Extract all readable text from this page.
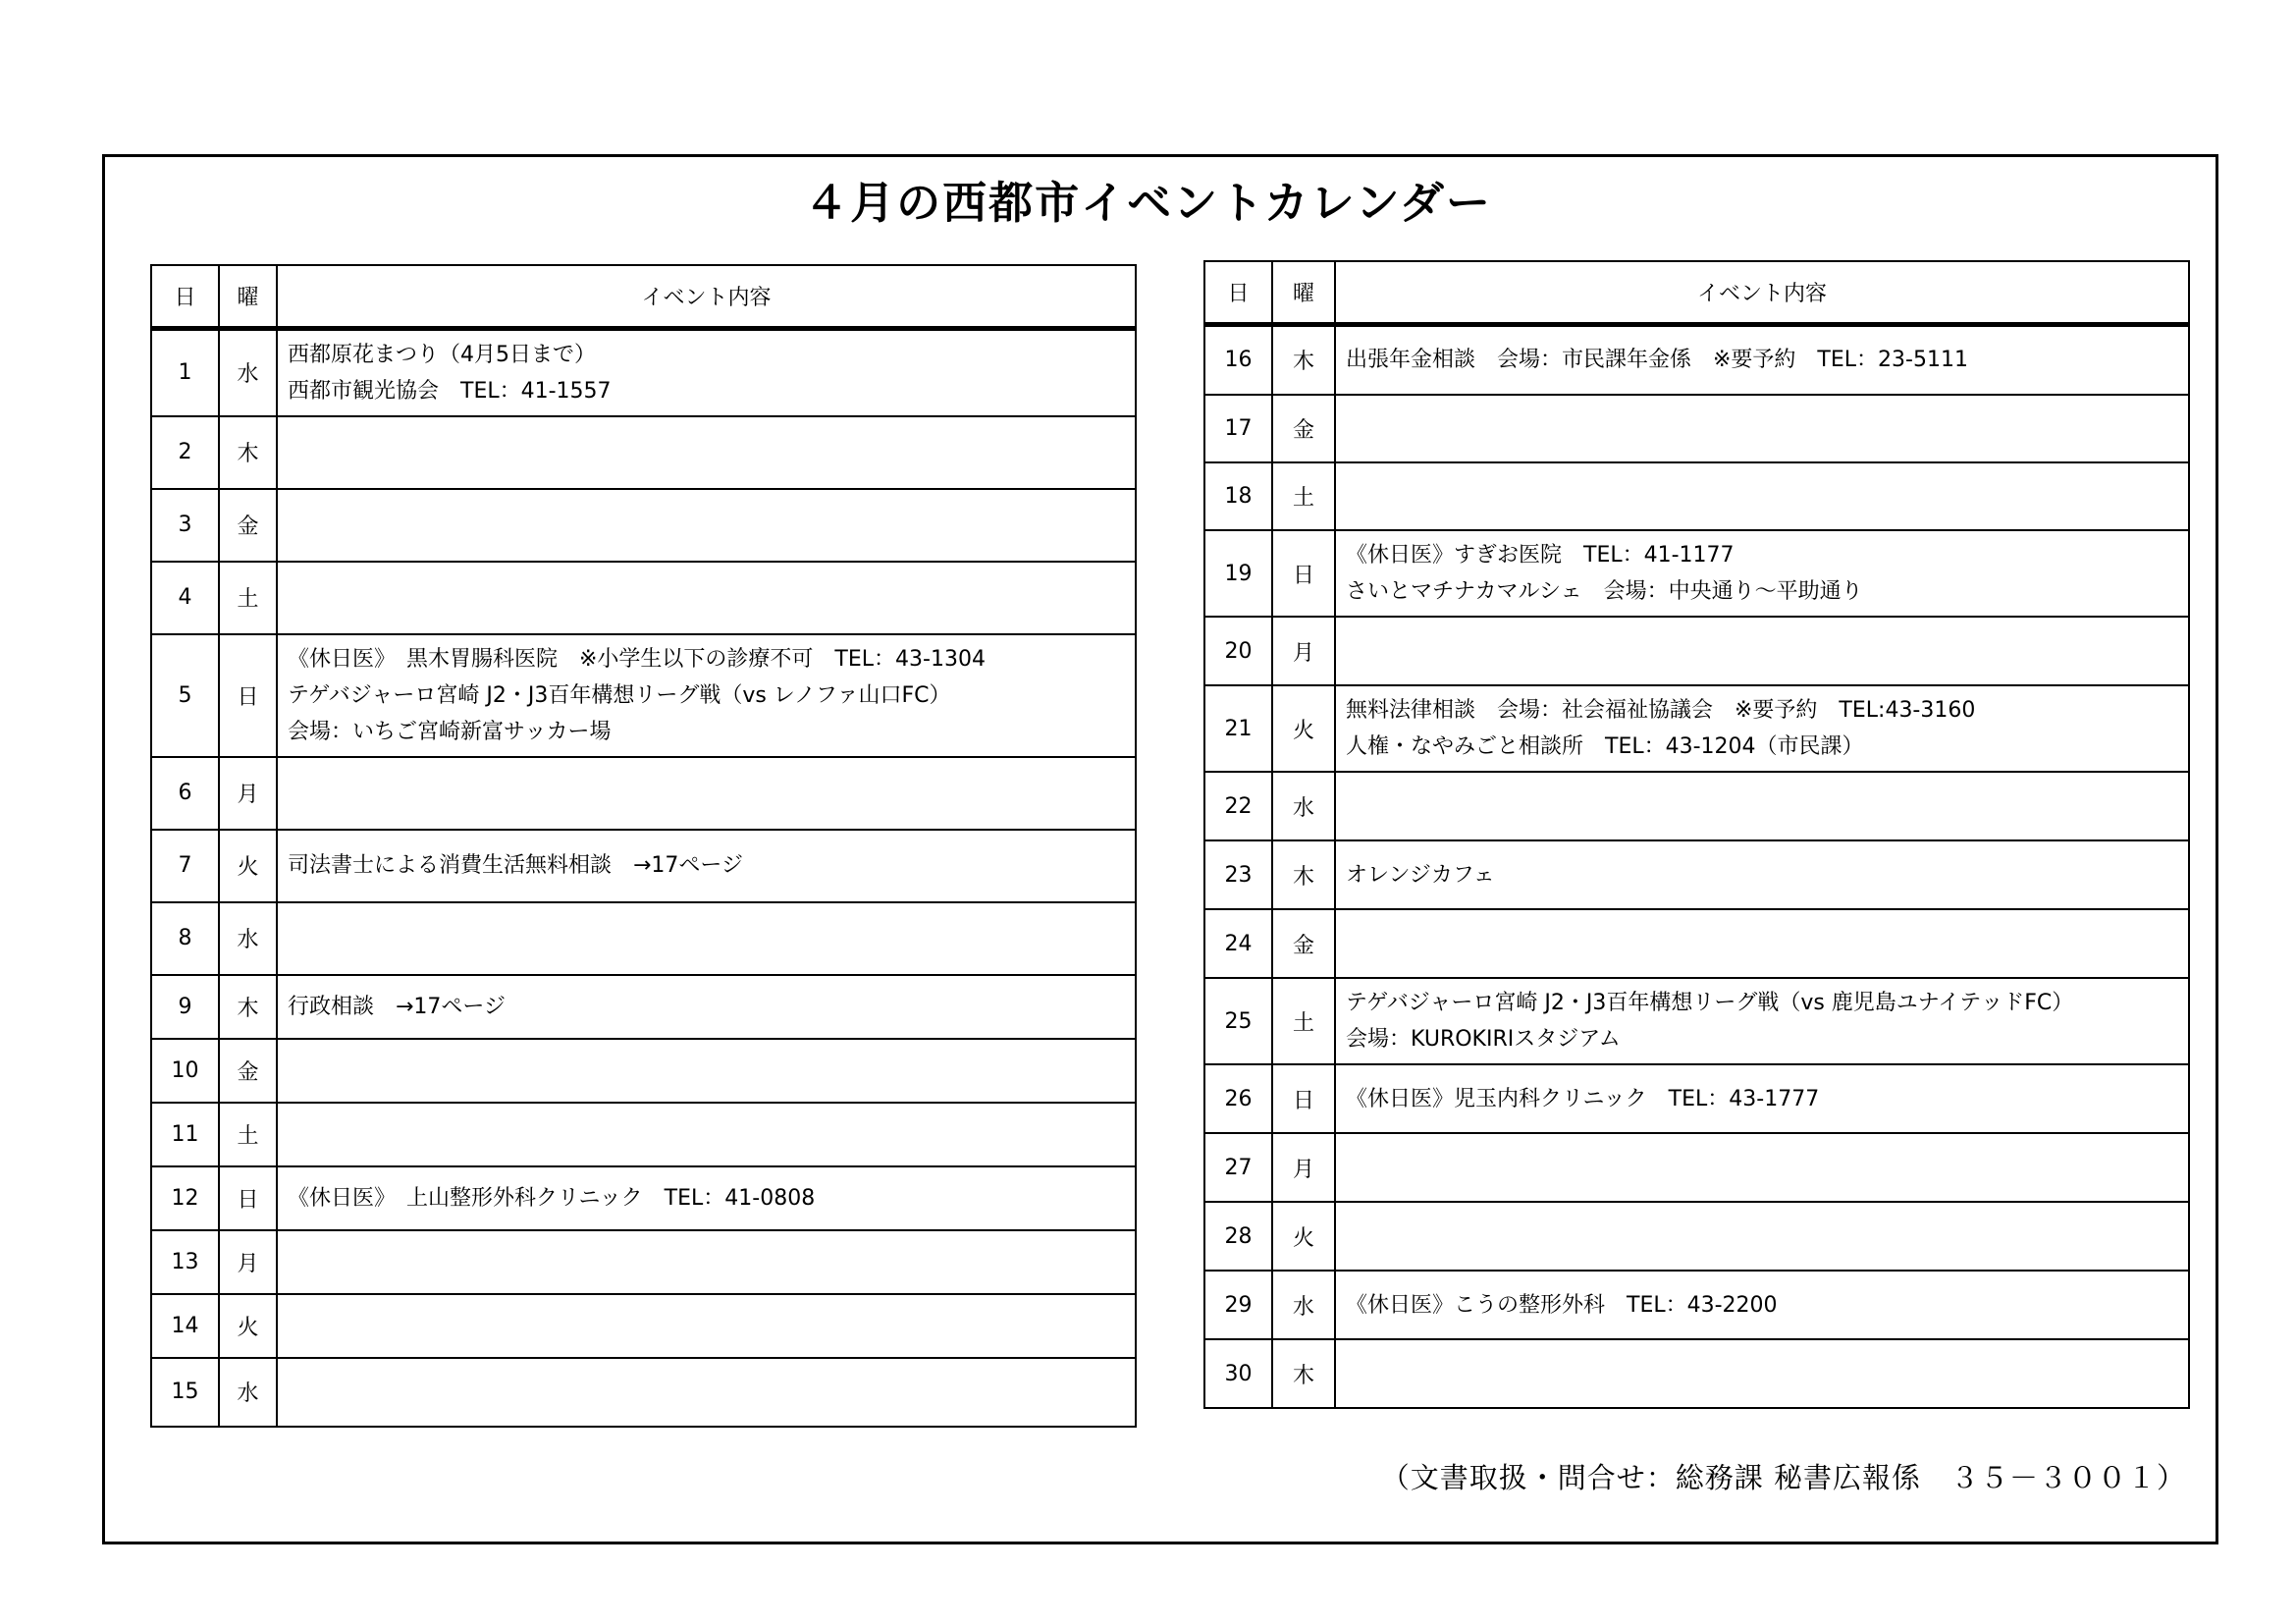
４月の西都市イベントカレンダー
日	曜	イベント内容
1	水	西都原花まつり（4月5日まで）
西都市観光協会　TEL：41-1557

2	木	
3	金	
4	土	
5	日	《休日医》　黒木胃腸科医院　※小学生以下の診療不可　TEL：43-1304
テゲバジャーロ宮崎 J2・J3百年構想リーグ戦（vs レノファ山口FC）
会場：いちご宮崎新富サッカー場

6	月	
7	火	司法書士による消費生活無料相談　→17ページ

8	水	
9	木	行政相談　→17ページ

10	金	
11	土	
12	日	《休日医》　上山整形外科クリニック　TEL：41-0808

13	月	
14	火	
15	水	
日	曜	イベント内容
16	木	出張年金相談　会場：市民課年金係　※要予約　TEL：23-5111

17	金	
18	土	
19	日	《休日医》すぎお医院　TEL：41-1177
さいとマチナカマルシェ　会場：中央通り～平助通り

20	月	
21	火	無料法律相談　会場：社会福祉協議会　※要予約　TEL:43-3160
人権・なやみごと相談所　TEL：43-1204（市民課）

22	水	
23	木	オレンジカフェ

24	金	
25	土	テゲバジャーロ宮崎 J2・J3百年構想リーグ戦（vs 鹿児島ユナイテッドFC）
会場：KUROKIRIスタジアム

26	日	《休日医》児玉内科クリニック　TEL：43-1777

27	月	
28	火	
29	水	《休日医》こうの整形外科　TEL：43-2200

30	木	
（文書取扱・問合せ：総務課 秘書広報係　３５－３００１）
